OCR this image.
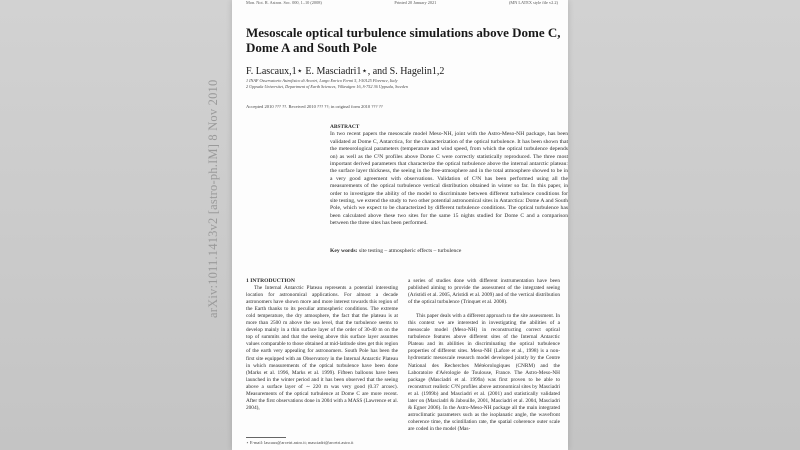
Mon. Not. R. Astron. Soc. 000, 1–10 (2008)	Printed 20 January 2021	(MN LATEX style file v2.2)
Mesoscale optical turbulence simulations above Dome C, Dome A and South Pole
F. Lascaux,1⋆ E. Masciadri1⋆, and S. Hagelin1,2
1 INAF Osservatorio Astrofisico di Arcetri, Largo Enrico Fermi 5, I-50125 Florence, Italy
2 Uppsala Universitet, Department of Earth Sciences, Villavägen 16, S-752 36 Uppsala, Sweden
Accepted 2010 ??? ??. Received 2010 ??? ??; in original form 2010 ??? ??
ABSTRACT
In two recent papers the mesoscale model Meso-NH, joint with the Astro-Meso-NH package, has been validated at Dome C, Antarctica, for the characterization of the optical turbulence. It has been shown that the meteorological parameters (temperature and wind speed, from which the optical turbulence depends on) as well as the C²N profiles above Dome C were correctly statistically reproduced. The three most important derived parameters that characterize the optical turbulence above the internal antarctic plateau: the surface layer thickness, the seeing in the free-atmosphere and in the total atmosphere showed to be in a very good agreement with observations. Validation of C²N has been performed using all the measurements of the optical turbulence vertical distribution obtained in winter so far. In this paper, in order to investigate the ability of the model to discriminate between different turbulence conditions for site testing, we extend the study to two other potential astronomical sites in Antarctica: Dome A and South Pole, which we expect to be characterized by different turbulence conditions. The optical turbulence has been calculated above these two sites for the same 15 nights studied for Dome C and a comparison between the three sites has been performed.
Key words: site testing – atmospheric effects – turbulence

1 INTRODUCTION

The Internal Antarctic Plateau represents a potential interesting location for astronomical applications. For almost a decade astronomers have shown more and more interest towards this region of the Earth thanks to its peculiar atmospheric conditions. The extreme cold temperature, the dry atmosphere, the fact that the plateau is at more than 2500 m above the sea level, that the turbulence seems to develop mainly in a thin surface layer of the order of 30-40 m on the top of summits and that the seeing above this surface layer assumes values comparable to those obtained at mid-latitude sites get this region of the earth very appealing for astronomers. South Pole has been the first site equipped with an Observatory in the Internal Antarctic Plateau in which measurements of the optical turbulence have been done (Marks et al. 1996, Marks et al. 1999). Fifteen balloons have been launched in the winter period and it has been observed that the seeing above a surface layer of ∼ 220 m was very good (0.37 arcsec). Measurements of the optical turbulence at Dome C are more recent. After the first observations done in 2004 with a MASS (Lawrence et al. 2004),

a series of studies done with different instrumentation have been published aiming to provide the assessment of the integrated seeing (Aristidi et al. 2005, Aristidi et al. 2009) and of the vertical distribution of the optical turbulence (Trinquet et al. 2008).

This paper deals with a different approach to the site assessment. In this context we are interested in investigating the abilities of a mesoscale model (Meso-NH) in reconstructing correct optical turbulence features above different sites of the Internal Antarctic Plateau and its abilities in discriminating the optical turbulence properties of different sites. Meso-NH (Lafore et al., 1998) is a non-hydrostatic mesoscale research model developed jointly by the Centre National des Recherches Météorologiques (CNRM) and the Laboratoire d'Aérologie de Toulouse, France. The Astro-Meso-NH package (Masciadri et al. 1999a) was first proven to be able to reconstruct realistic C²N profiles above astronomical sites by Masciadri et al. (1999b) and Masciadri et al. (2001) and statistically validated later on (Masciadri & Jabouille, 2001, Masciadri et al. 2004, Masciadri & Egner 2006). In the Astro-Meso-NH package all the main integrated astroclimatic parameters such as the isoplanatic angle, the wavefront coherence time, the scintillation rate, the spatial coherence outer scale are coded in the model (Mas-

⋆ E-mail: lascaux@arcetri.astro.it; masciadri@arcetri.astro.it
arXiv:1011.1413v2 [astro-ph.IM] 8 Nov 2010
